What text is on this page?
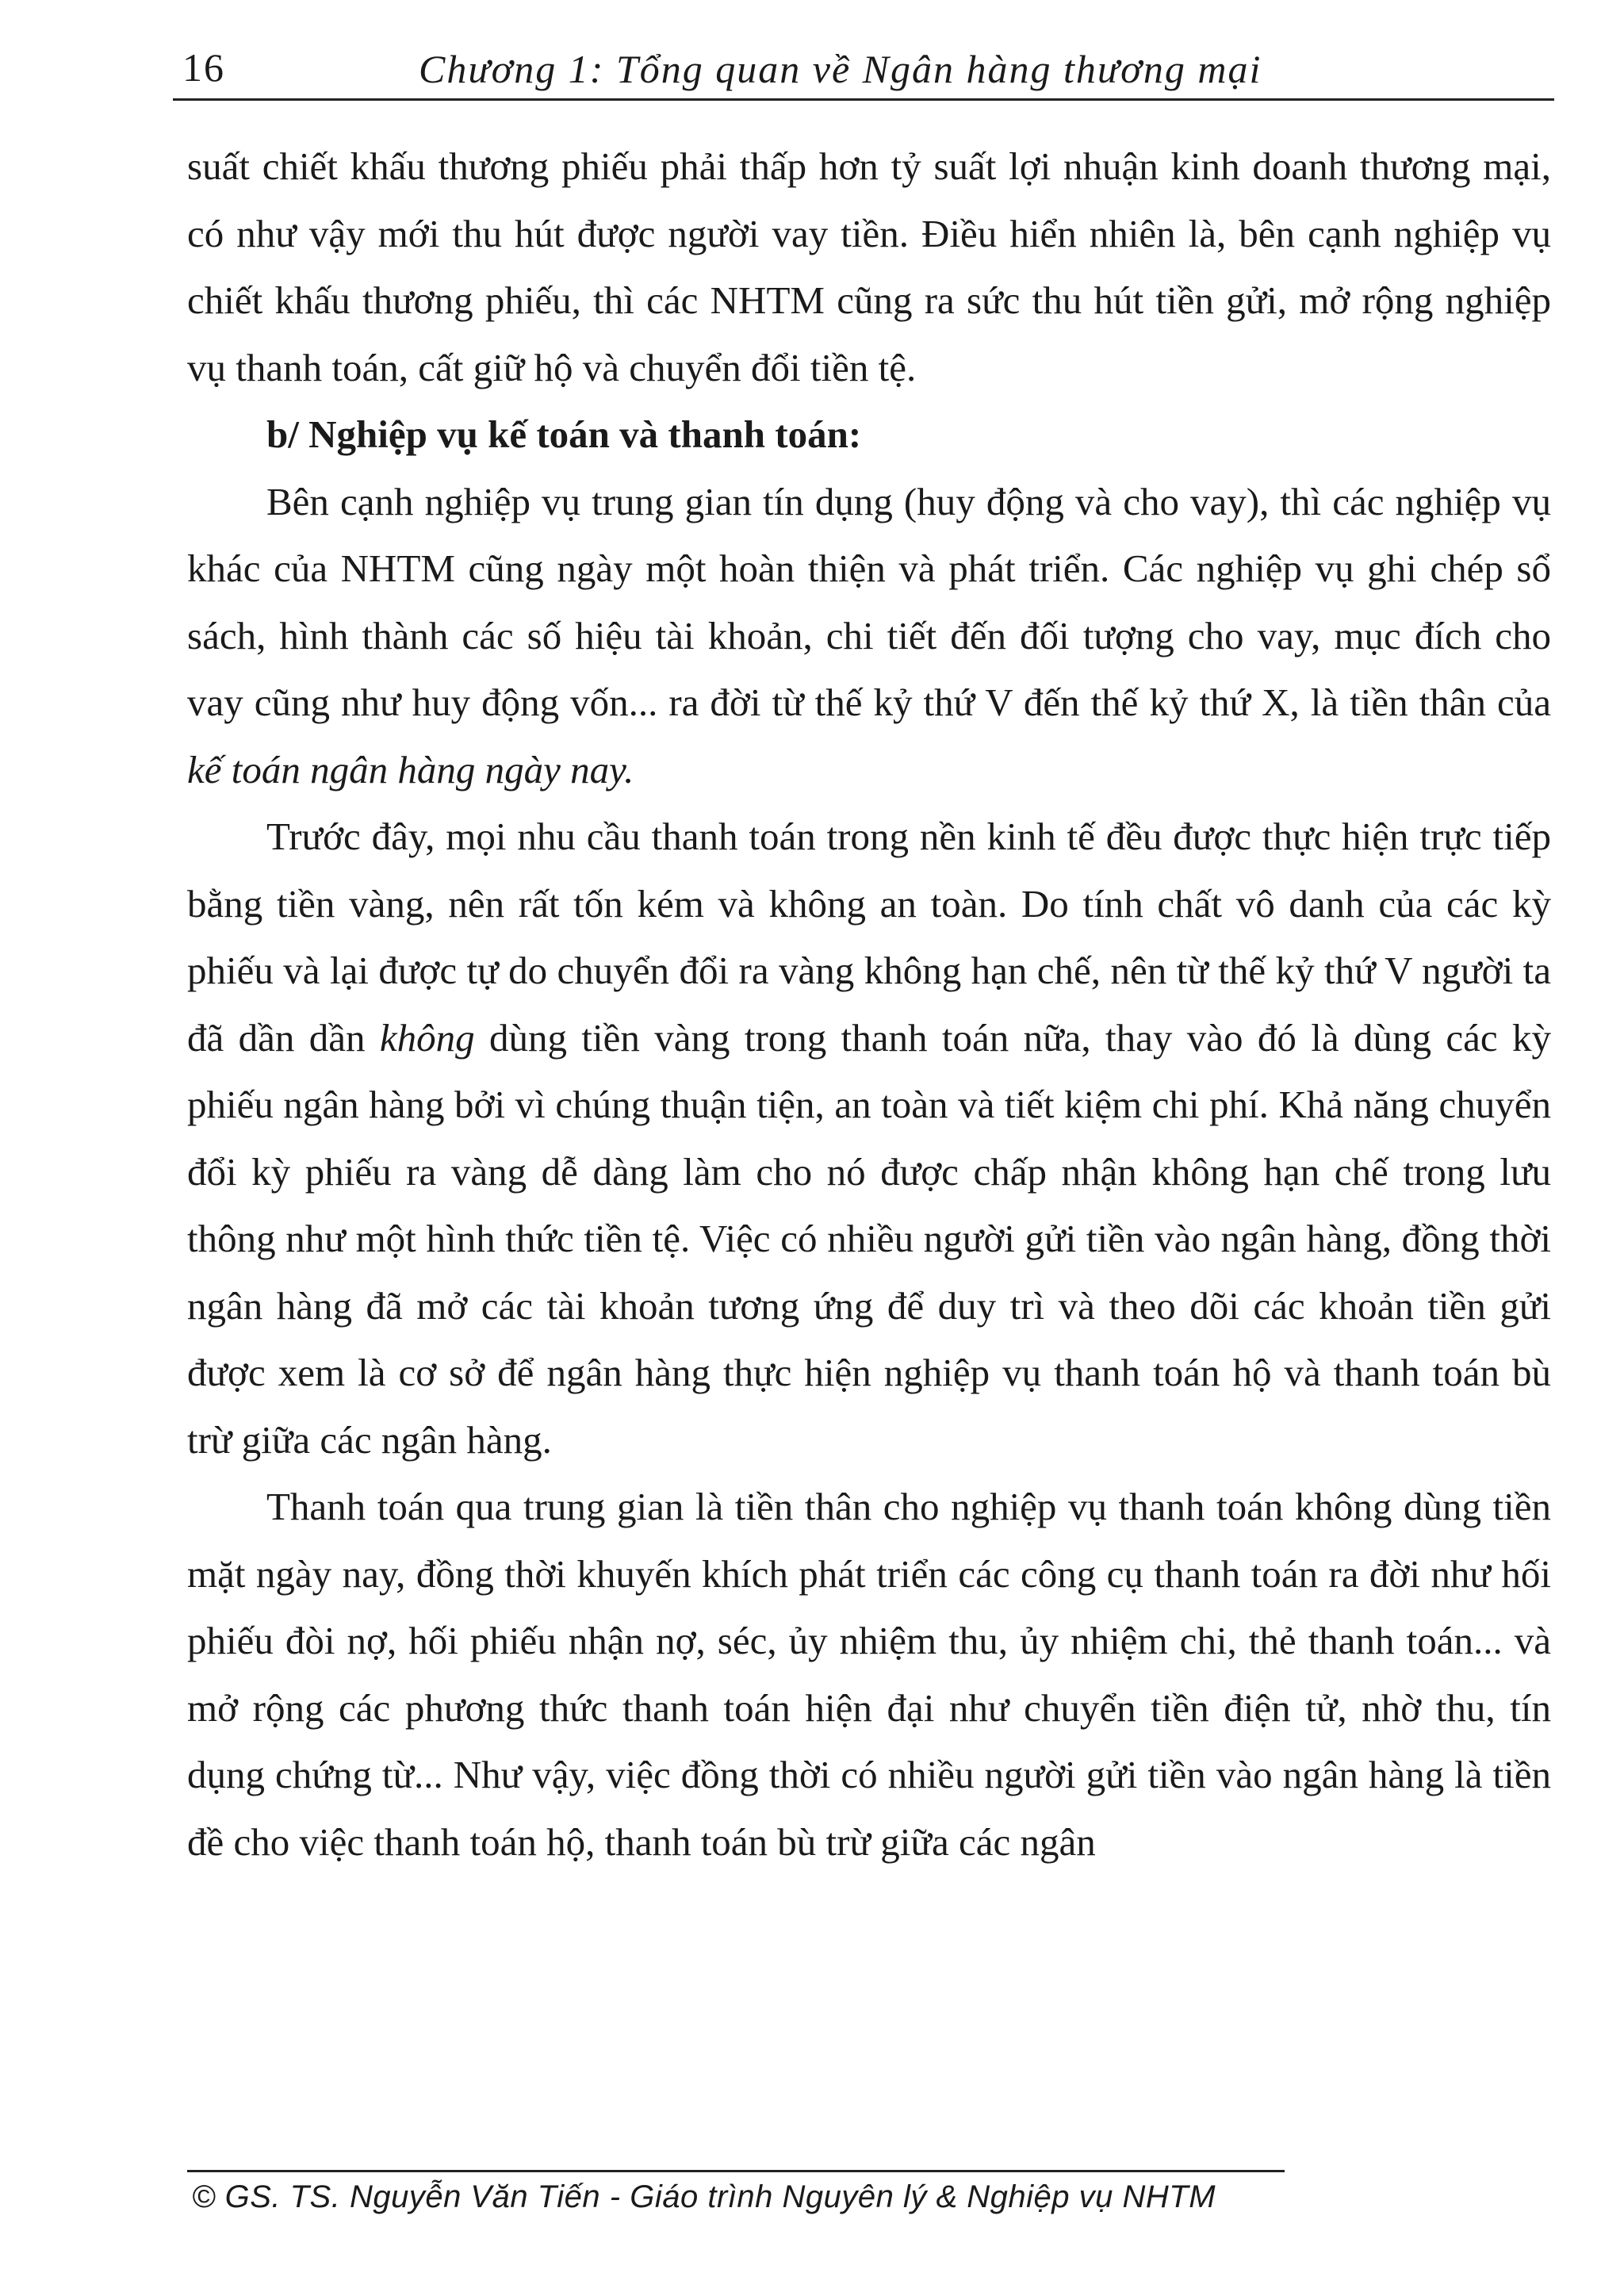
16	Chương 1: Tổng quan về Ngân hàng thương mại

suất chiết khấu thương phiếu phải thấp hơn tỷ suất lợi nhuận kinh doanh thương mại, có như vậy mới thu hút được người vay tiền. Điều hiển nhiên là, bên cạnh nghiệp vụ chiết khấu thương phiếu, thì các NHTM cũng ra sức thu hút tiền gửi, mở rộng nghiệp vụ thanh toán, cất giữ hộ và chuyển đổi tiền tệ.

b/ Nghiệp vụ kế toán và thanh toán:

Bên cạnh nghiệp vụ trung gian tín dụng (huy động và cho vay), thì các nghiệp vụ khác của NHTM cũng ngày một hoàn thiện và phát triển. Các nghiệp vụ ghi chép sổ sách, hình thành các số hiệu tài khoản, chi tiết đến đối tượng cho vay, mục đích cho vay cũng như huy động vốn... ra đời từ thế kỷ thứ V đến thế kỷ thứ X, là tiền thân của kế toán ngân hàng ngày nay.

Trước đây, mọi nhu cầu thanh toán trong nền kinh tế đều được thực hiện trực tiếp bằng tiền vàng, nên rất tốn kém và không an toàn. Do tính chất vô danh của các kỳ phiếu và lại được tự do chuyển đổi ra vàng không hạn chế, nên từ thế kỷ thứ V người ta đã dần dần không dùng tiền vàng trong thanh toán nữa, thay vào đó là dùng các kỳ phiếu ngân hàng bởi vì chúng thuận tiện, an toàn và tiết kiệm chi phí. Khả năng chuyển đổi kỳ phiếu ra vàng dễ dàng làm cho nó được chấp nhận không hạn chế trong lưu thông như một hình thức tiền tệ. Việc có nhiều người gửi tiền vào ngân hàng, đồng thời ngân hàng đã mở các tài khoản tương ứng để duy trì và theo dõi các khoản tiền gửi được xem là cơ sở để ngân hàng thực hiện nghiệp vụ thanh toán hộ và thanh toán bù trừ giữa các ngân hàng.

Thanh toán qua trung gian là tiền thân cho nghiệp vụ thanh toán không dùng tiền mặt ngày nay, đồng thời khuyến khích phát triển các công cụ thanh toán ra đời như hối phiếu đòi nợ, hối phiếu nhận nợ, séc, ủy nhiệm thu, ủy nhiệm chi, thẻ thanh toán... và mở rộng các phương thức thanh toán hiện đại như chuyển tiền điện tử, nhờ thu, tín dụng chứng từ... Như vậy, việc đồng thời có nhiều người gửi tiền vào ngân hàng là tiền đề cho việc thanh toán hộ, thanh toán bù trừ giữa các ngân

© GS. TS. Nguyễn Văn Tiến - Giáo trình Nguyên lý & Nghiệp vụ NHTM
